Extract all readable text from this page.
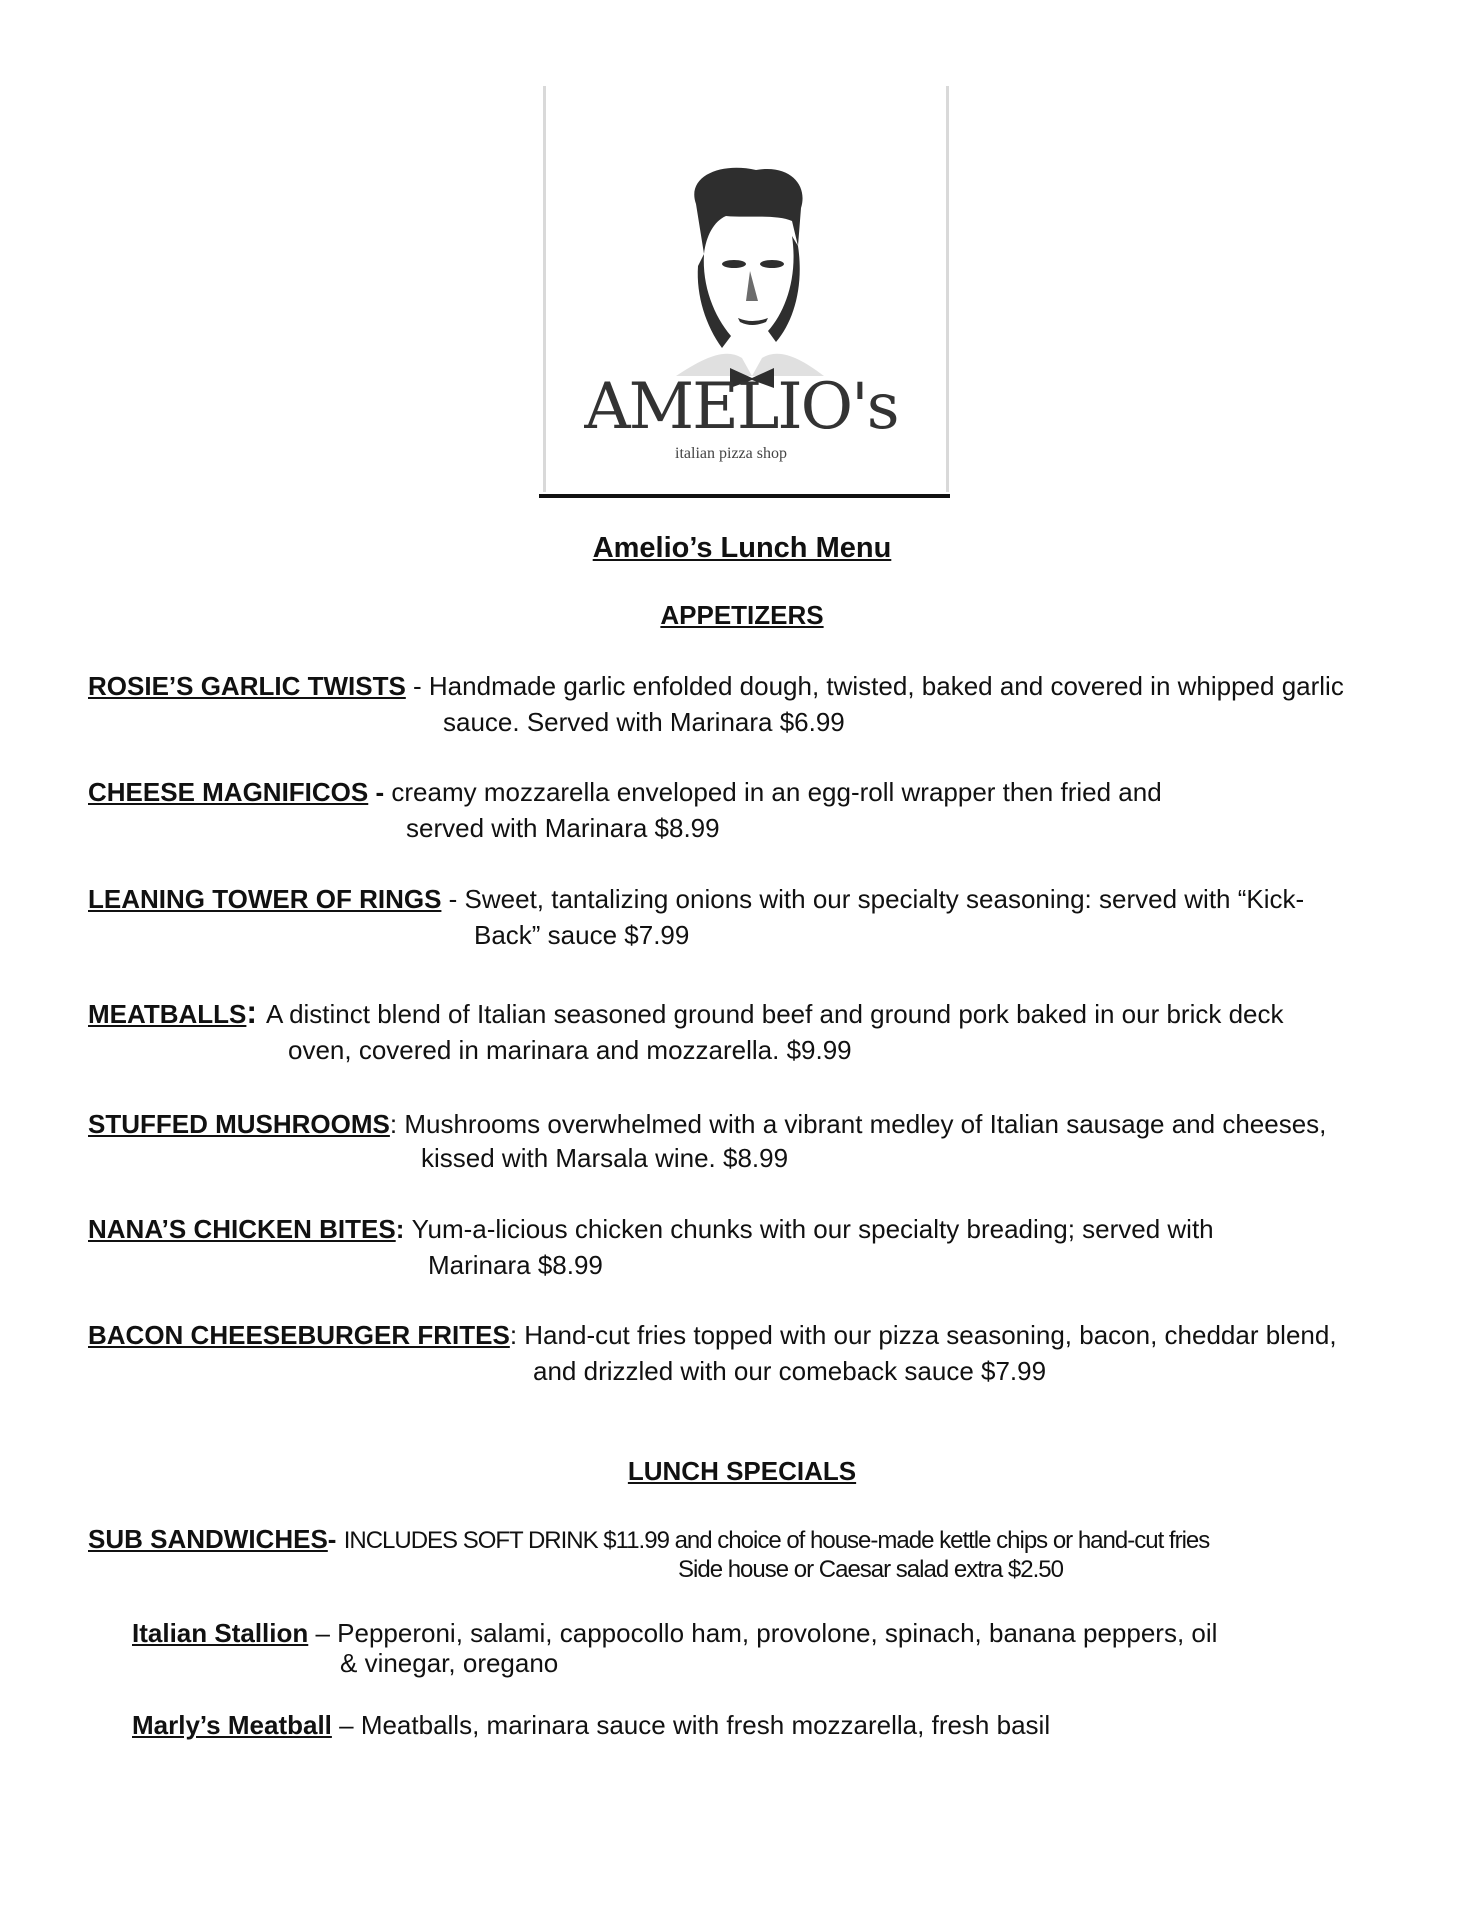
AMELIO's
italian pizza shop
Amelio’s Lunch Menu
APPETIZERS
ROSIE’S GARLIC TWISTS - Handmade garlic enfolded dough, twisted, baked and covered in whipped garlic
sauce. Served with Marinara $6.99
CHEESE MAGNIFICOS - creamy mozzarella enveloped in an egg-roll wrapper then fried and
served with Marinara $8.99
LEANING TOWER OF RINGS - Sweet, tantalizing onions with our specialty seasoning: served with “Kick-
Back” sauce $7.99
MEATBALLS: A distinct blend of Italian seasoned ground beef and ground pork baked in our brick deck
oven, covered in marinara and mozzarella. $9.99
STUFFED MUSHROOMS: Mushrooms overwhelmed with a vibrant medley of Italian sausage and cheeses,
kissed with Marsala wine. $8.99
NANA’S CHICKEN BITES: Yum-a-licious chicken chunks with our specialty breading; served with
Marinara $8.99
BACON CHEESEBURGER FRITES: Hand-cut fries topped with our pizza seasoning, bacon, cheddar blend,
and drizzled with our comeback sauce $7.99
LUNCH SPECIALS
SUB SANDWICHES- INCLUDES SOFT DRINK $11.99 and choice of house-made kettle chips or hand-cut fries
Side house or Caesar salad extra $2.50
Italian Stallion – Pepperoni, salami, cappocollo ham, provolone, spinach, banana peppers, oil
& vinegar, oregano
Marly’s Meatball – Meatballs, marinara sauce with fresh mozzarella, fresh basil
